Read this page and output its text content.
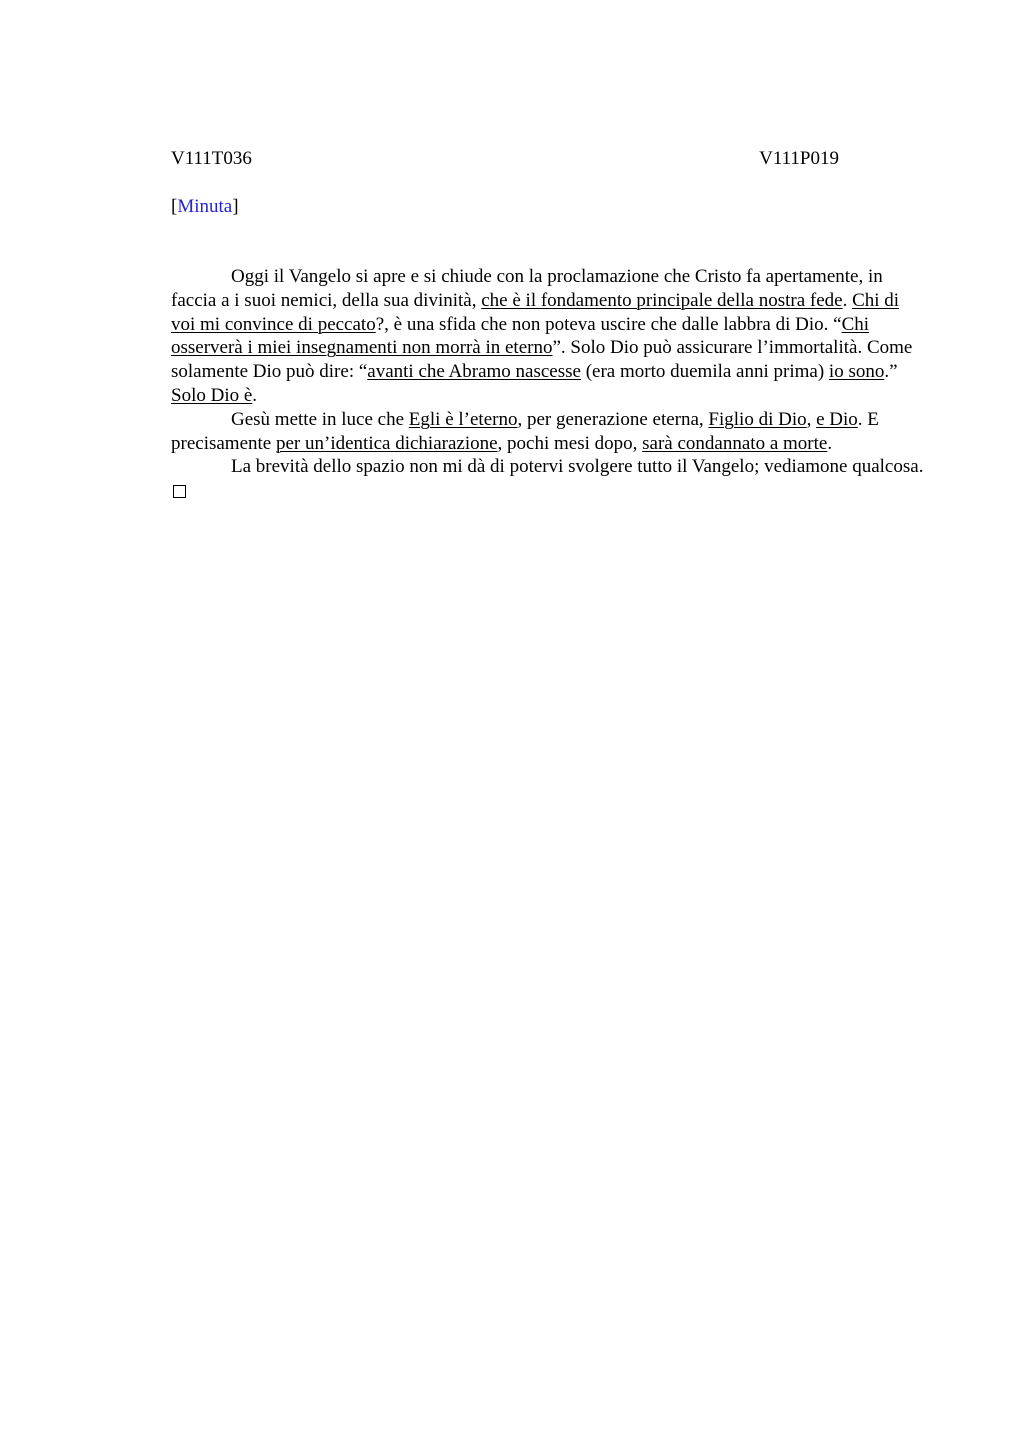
V111T036	V111P019
[Minuta]

Oggi il Vangelo si apre e si chiude con la proclamazione che Cristo fa apertamente, in faccia a i suoi nemici, della sua divinità, che è il fondamento principale della nostra fede. Chi di voi mi convince di peccato?, è una sfida che non poteva uscire che dalle labbra di Dio. “Chi osserverà i miei insegnamenti non morrà in eterno”. Solo Dio può assicurare l’immortalità. Come solamente Dio può dire: “avanti che Abramo nascesse (era morto duemila anni prima) io sono.” Solo Dio è.

Gesù mette in luce che Egli è l’eterno, per generazione eterna, Figlio di Dio, e Dio. E precisamente per un’identica dichiarazione, pochi mesi dopo, sarà condannato a morte.

La brevità dello spazio non mi dà di potervi svolgere tutto il Vangelo; vediamone qualcosa.
